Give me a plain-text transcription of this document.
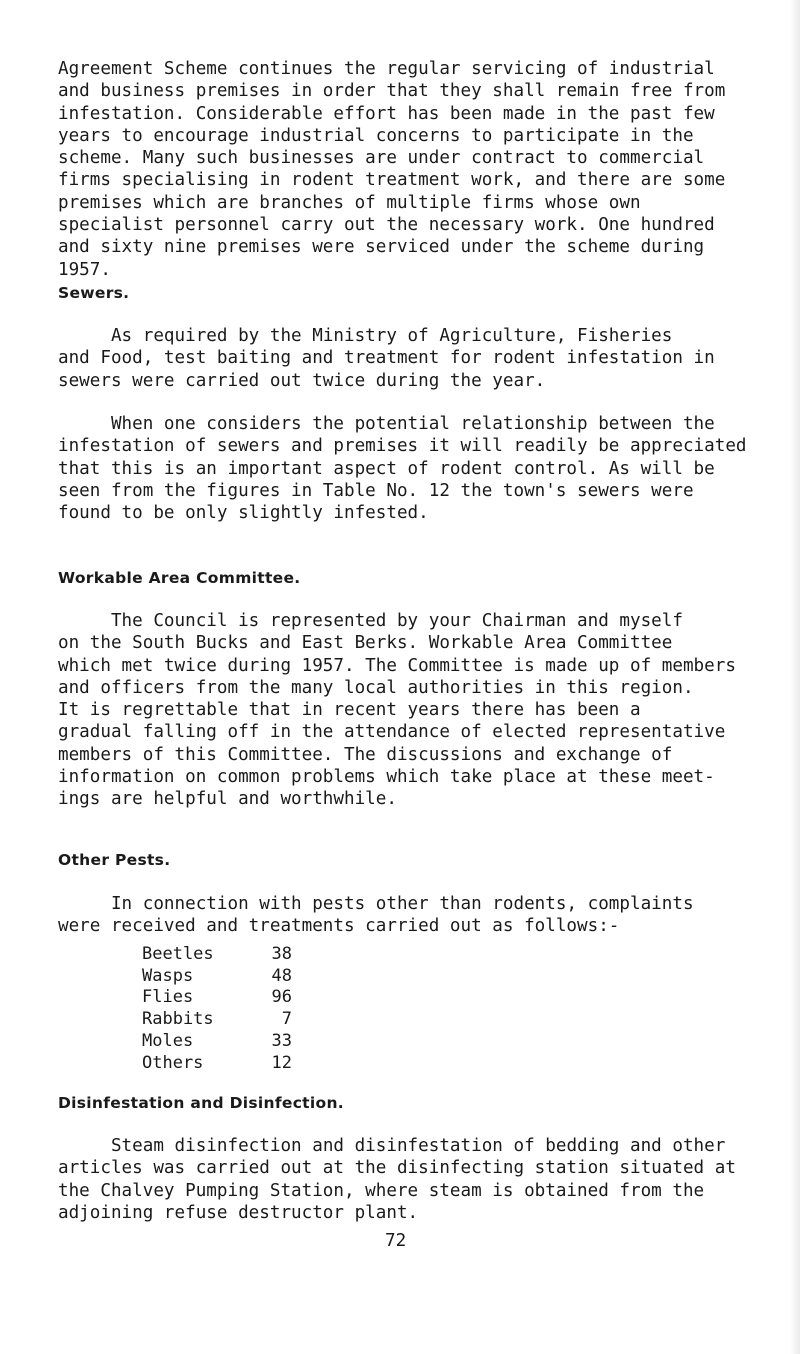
Agreement Scheme continues the regular servicing of industrial
and business premises in order that they shall remain free from
infestation. Considerable effort has been made in the past few
years to encourage industrial concerns to participate in the
scheme. Many such businesses are under contract to commercial
firms specialising in rodent treatment work, and there are some
premises which are branches of multiple firms whose own
specialist personnel carry out the necessary work. One hundred
and sixty nine premises were serviced under the scheme during
1957.

Sewers.

As required by the Ministry of Agriculture, Fisheries
and Food, test baiting and treatment for rodent infestation in
sewers were carried out twice during the year.

When one considers the potential relationship between the
infestation of sewers and premises it will readily be appreciated
that this is an important aspect of rodent control. As will be
seen from the figures in Table No. 12 the town's sewers were
found to be only slightly infested.

Workable Area Committee.

The Council is represented by your Chairman and myself
on the South Bucks and East Berks. Workable Area Committee
which met twice during 1957. The Committee is made up of members
and officers from the many local authorities in this region.
It is regrettable that in recent years there has been a
gradual falling off in the attendance of elected representative
members of this Committee. The discussions and exchange of
information on common problems which take place at these meet-
ings are helpful and worthwhile.

Other Pests.

In connection with pests other than rodents, complaints
were received and treatments carried out as follows:-

Beetles	38
Wasps	48
Flies	96
Rabbits	7
Moles	33
Others	12
Disinfestation and Disinfection.

Steam disinfection and disinfestation of bedding and other
articles was carried out at the disinfecting station situated at
the Chalvey Pumping Station, where steam is obtained from the
adjoining refuse destructor plant.

72
